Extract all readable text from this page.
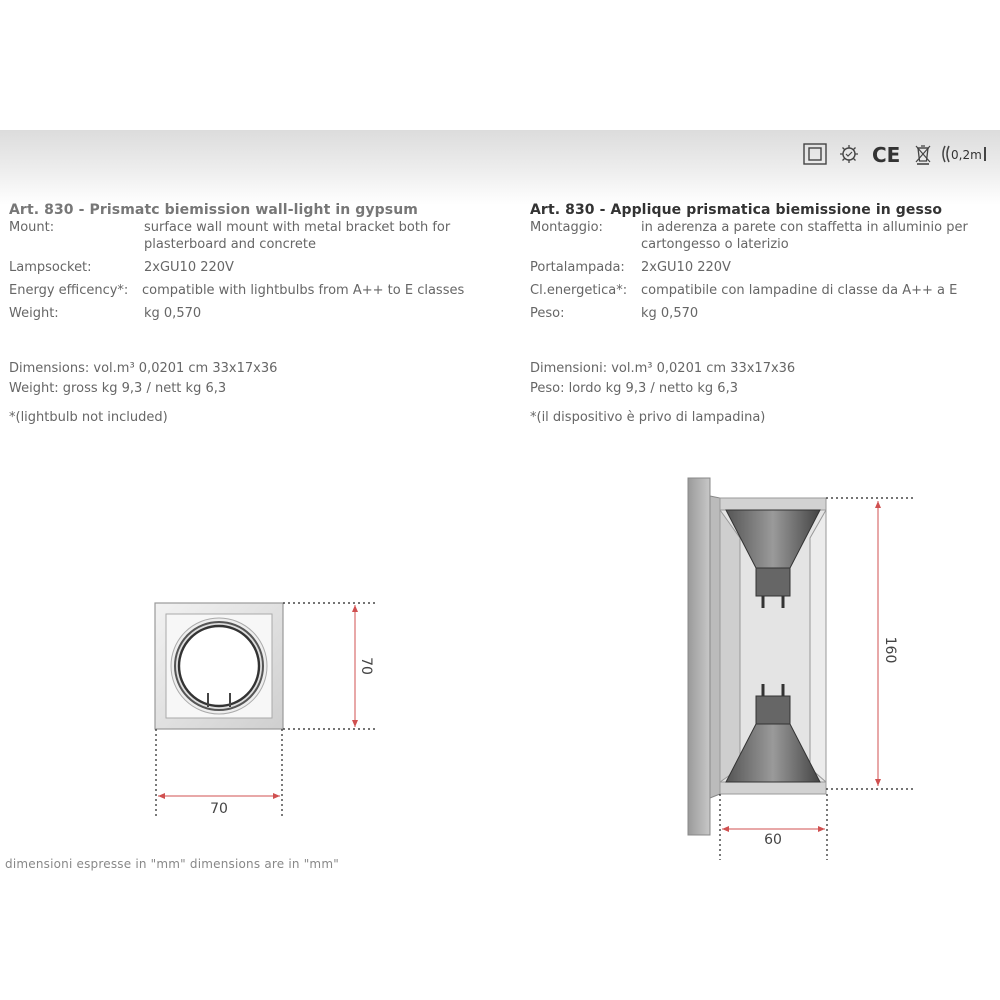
CE	0,2m
Art. 830 - Prismatc biemission wall-light in gypsum
Mount:	surface wall mount with metal bracket both for plasterboard and concrete
Lampsocket:	2xGU10 220V
Energy efficency*:	compatible with lightbulbs from A++ to E classes
Weight:	kg 0,570
Art. 830 - Applique prismatica biemissione in gesso
Montaggio:	in aderenza a parete con staffetta in alluminio per cartongesso o laterizio
Portalampada:	2xGU10 220V
Cl.energetica*:	compatibile con lampadine di classe da A++ a E
Peso:	kg 0,570
Dimensions: vol.m³ 0,0201 cm 33x17x36
Weight: gross kg 9,3 / nett kg 6,3
*(lightbulb not included)
Dimensioni: vol.m³ 0,0201 cm 33x17x36
Peso: lordo kg 9,3 / netto kg 6,3
*(il dispositivo è privo di lampadina)
70
70
160
60
dimensioni espresse in "mm" dimensions are in "mm"
